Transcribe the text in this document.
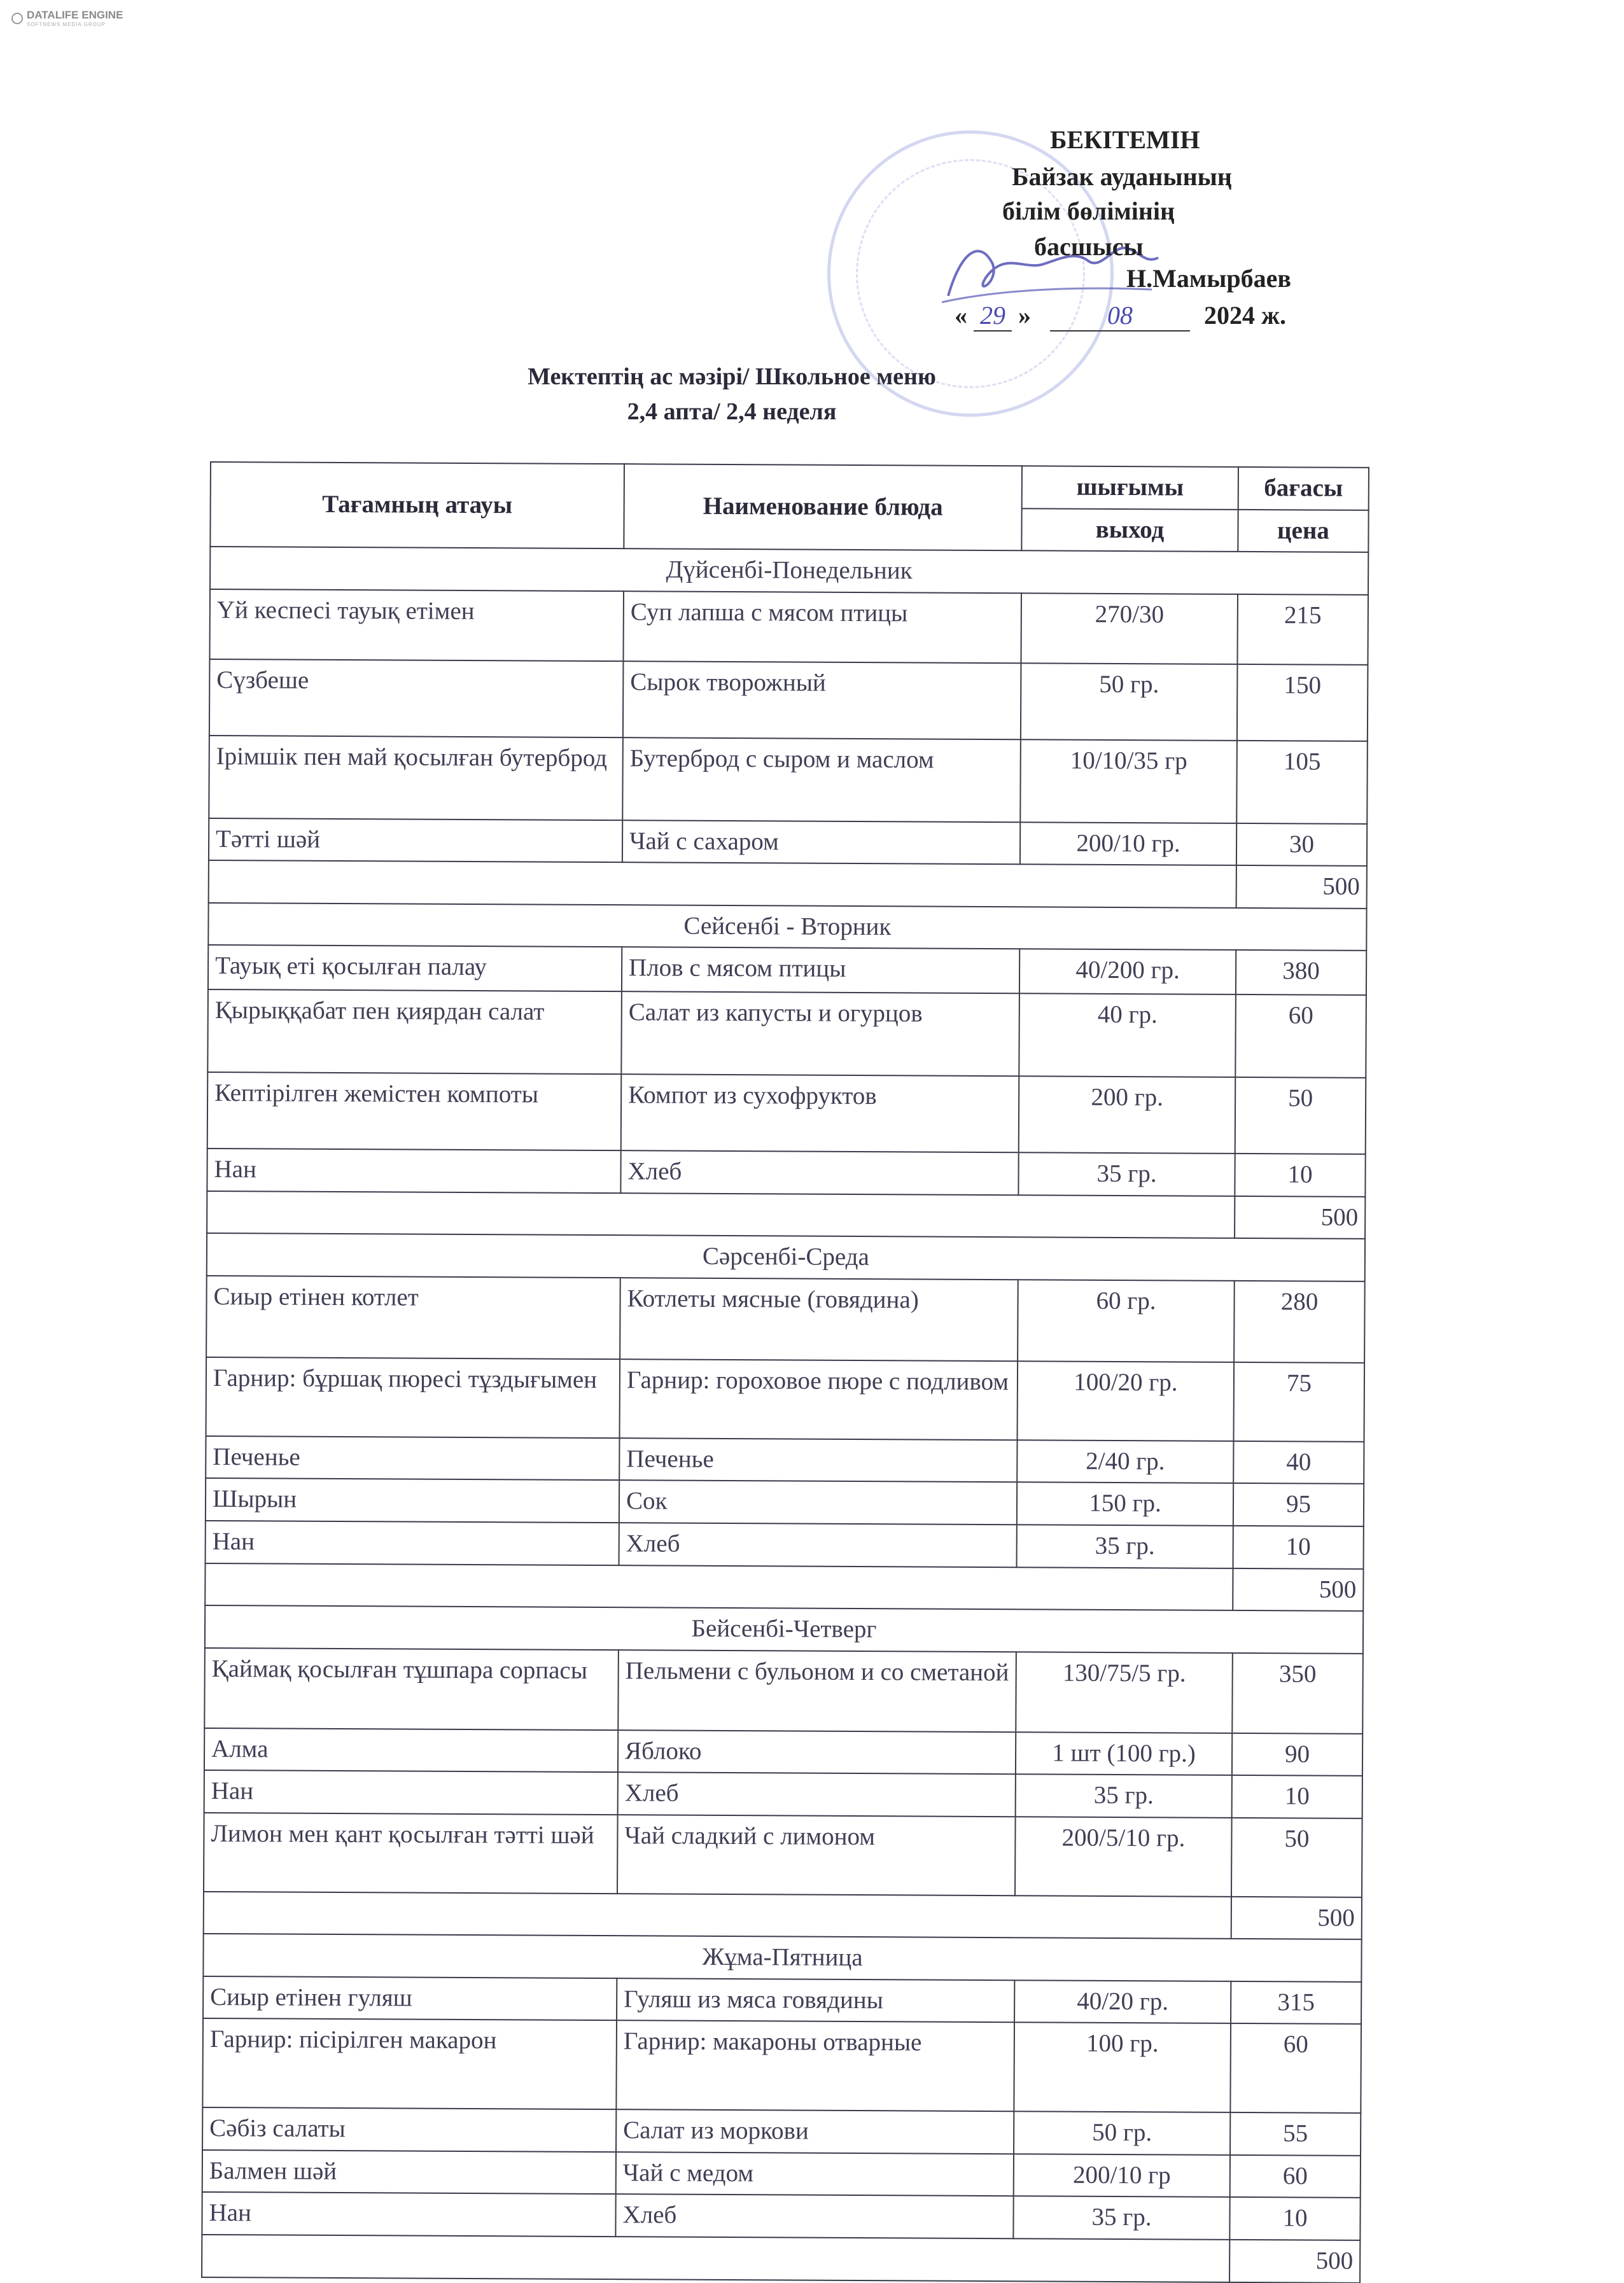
DATALIFE ENGINE
SOFTNEWS MEDIA GROUP
БЕКІТЕМІН
Байзак ауданының
білім бөлімінің
басшысы
Н.Мамырбаев
« 29 »	08	2024 ж.
Мектептің ас мәзірі/ Школьное меню
2,4 апта/ 2,4 неделя
Тағамның атауы	Наименование блюда	шығымы	бағасы
		выход	цена
Дүйсенбі-Понедельник			
Үй кеспесі тауық етімен	Суп лапша с мясом птицы	270/30	215
Сүзбеше	Сырок творожный	50 гр.	150
Ірімшік пен май қосылған бутерброд	Бутерброд с сыром и маслом	10/10/35 гр	105
Тәтті шәй	Чай с сахаром	200/10 гр.	30
			500
Сейсенбі - Вторник			
Тауық еті қосылған палау	Плов с мясом птицы	40/200 гр.	380
Қырыққабат пен қиярдан салат	Салат из капусты и огурцов	40 гр.	60
Кептірілген жемістен компоты	Компот из сухофруктов	200 гр.	50
Нан	Хлеб	35 гр.	10
			500
Сәрсенбі-Среда			
Сиыр етінен котлет	Котлеты мясные (говядина)	60 гр.	280
Гарнир: бұршақ пюресі тұздығымен	Гарнир: гороховое пюре с подливом	100/20 гр.	75
Печенье	Печенье	2/40 гр.	40
Шырын	Сок	150 гр.	95
Нан	Хлеб	35 гр.	10
			500
Бейсенбі-Четверг			
Қаймақ қосылған тұшпара сорпасы	Пельмени с бульоном и со сметаной	130/75/5 гр.	350
Алма	Яблоко	1 шт (100 гр.)	90
Нан	Хлеб	35 гр.	10
Лимон мен қант қосылған тәтті шәй	Чай сладкий с лимоном	200/5/10 гр.	50
			500
Жұма-Пятница			
Сиыр етінен гуляш	Гуляш из мяса говядины	40/20 гр.	315
Гарнир: пісірілген макарон	Гарнир: макароны отварные	100 гр.	60
Сәбіз салаты	Салат из моркови	50 гр.	55
Балмен шәй	Чай с медом	200/10 гр	60
Нан	Хлеб	35 гр.	10
			500
